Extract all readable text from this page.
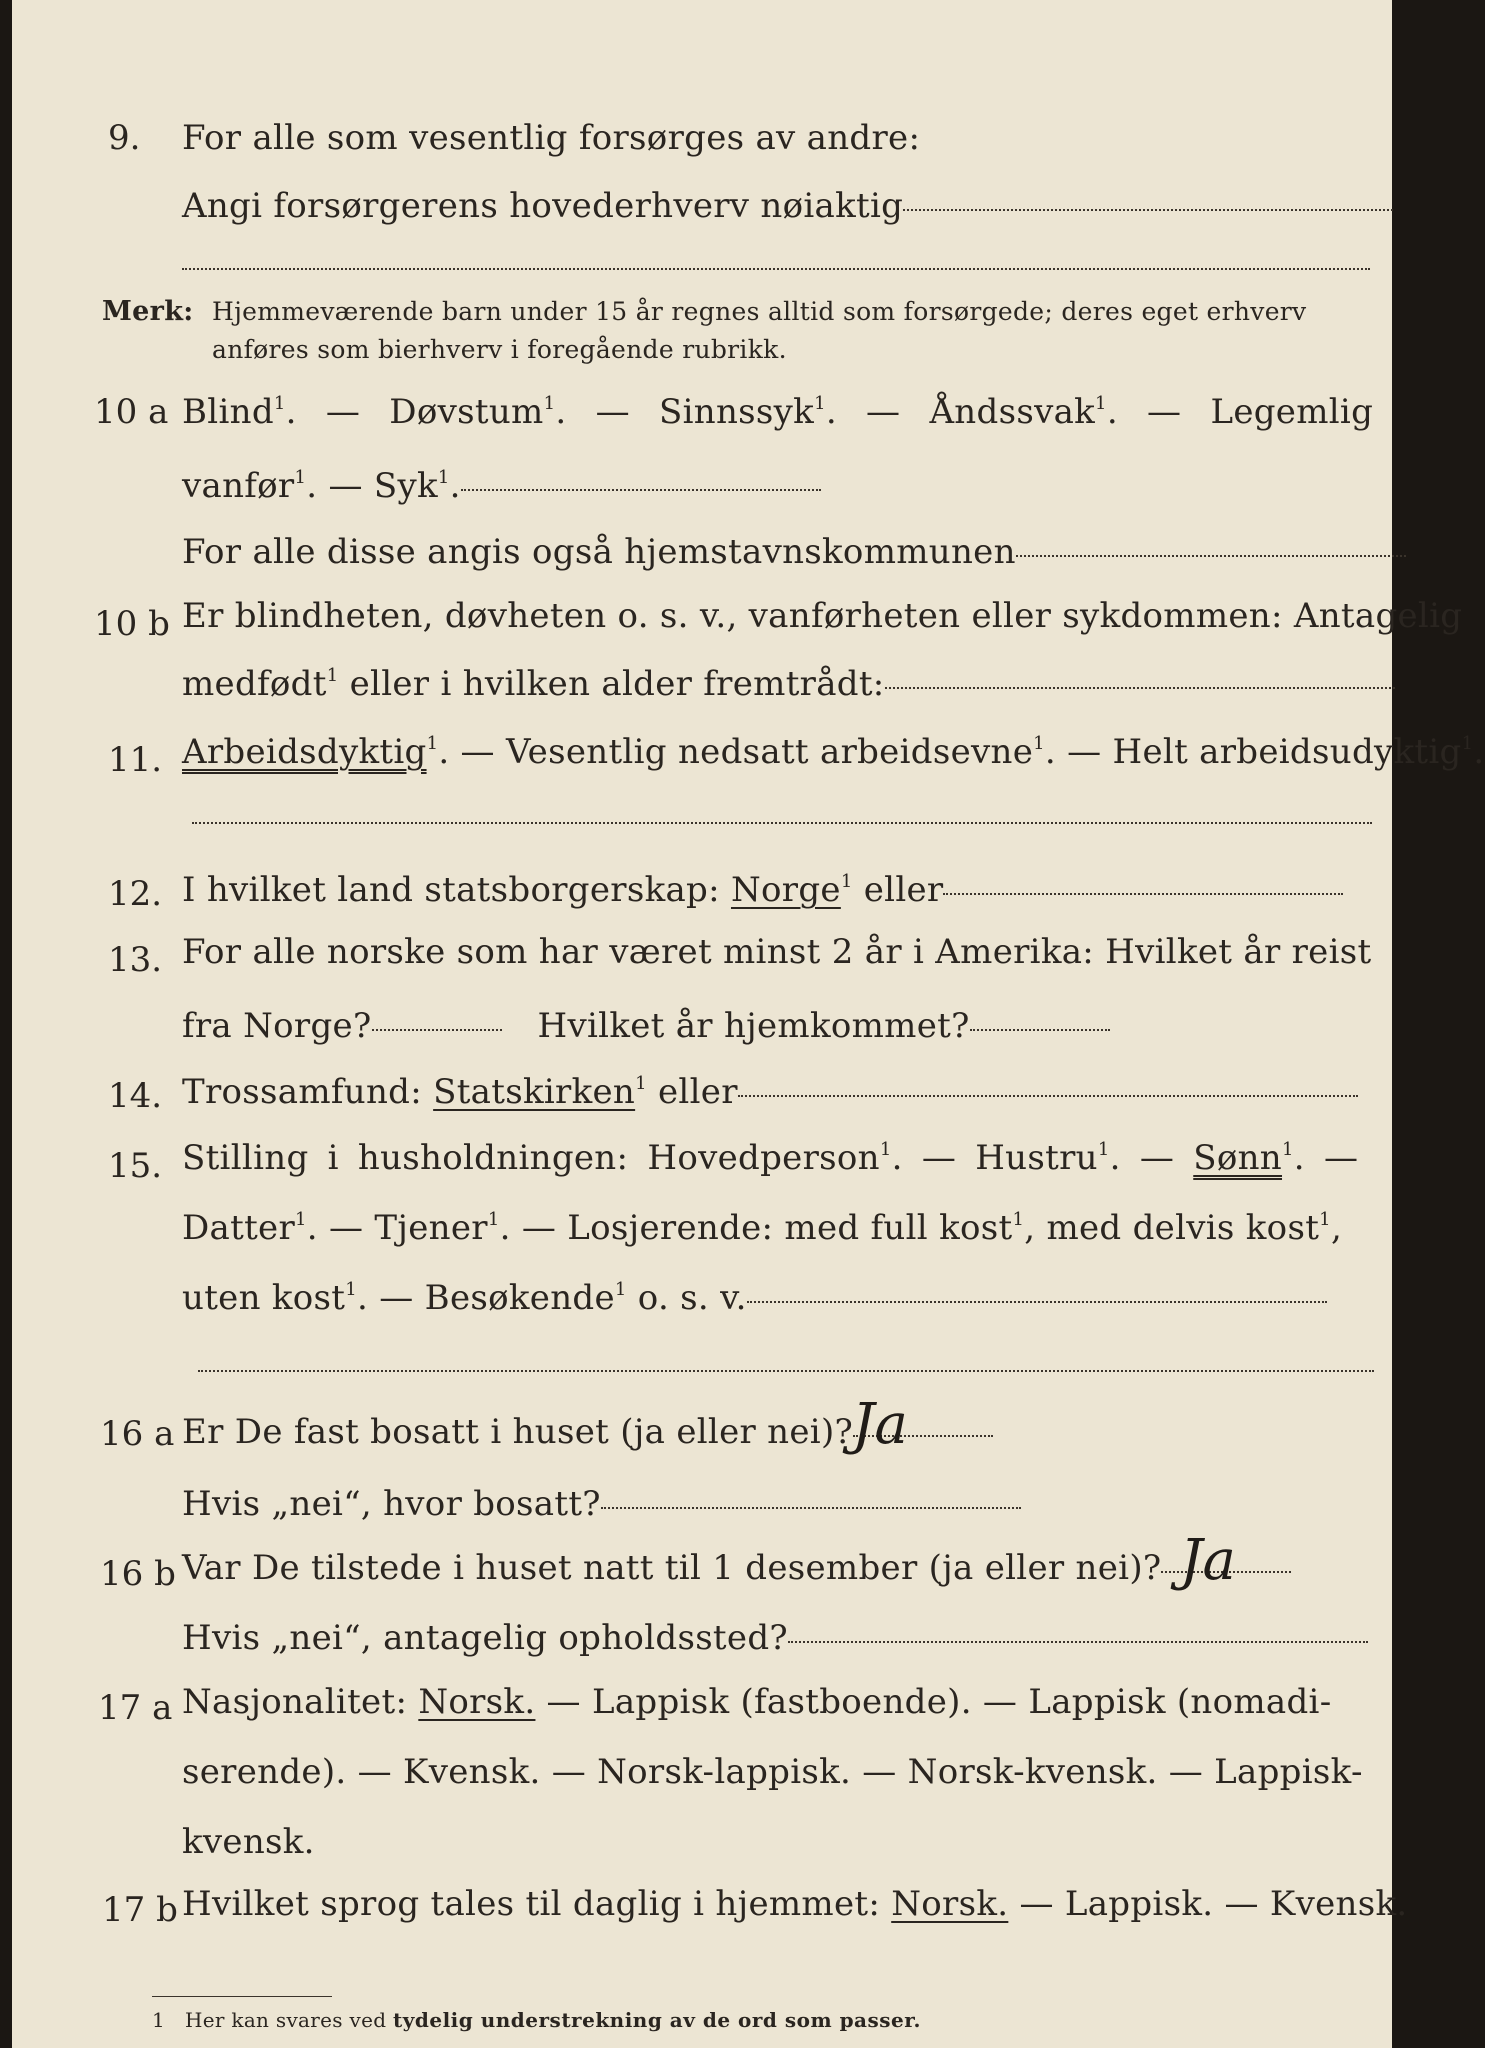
9. For alle som vesentlig forsørges av andre:
Angi forsørgerens hovederhverv nøiaktig
Merk: Hjemmeværende barn under 15 år regnes alltid som forsørgede; deres eget erhverv
anføres som bierhverv i foregående rubrikk.
10 a Blind$^1$. — Døvstum$^1$. — Sinnssyk$^1$. — Åndssvak$^1$. — Legemlig
vanfør$^1$. — Syk$^1$.
For alle disse angis også hjemstavnskommunen
10 b Er blindheten, døvheten o. s. v., vanførheten eller sykdommen: Antagelig
medfødt$^1$ eller i hvilken alder fremtrådt:
11. Arbeidsdyktig$^1$. — Vesentlig nedsatt arbeidsevne$^1$. — Helt arbeidsudyktig$^1$.
12. I hvilket land statsborgerskap: Norge$^1$ eller
13. For alle norske som har været minst 2 år i Amerika: Hvilket år reist
fra Norge?	Hvilket år hjemkommet?
14. Trossamfund: Statskirken$^1$ eller
15. Stilling i husholdningen: Hovedperson$^1$. — Hustru$^1$. — Sønn$^1$. —
Datter$^1$. — Tjener$^1$. — Losjerende: med full kost$^1$, med delvis kost$^1$,
uten kost$^1$. — Besøkende$^1$ o. s. v.
16 a Er De fast bosatt i huset (ja eller nei)?
Ja
Hvis „nei“, hvor bosatt?
16 b Var De tilstede i huset natt til 1 desember (ja eller nei)? Ja
Hvis „nei“, antagelig opholdssted?
17 a Nasjonalitet: Norsk. — Lappisk (fastboende). — Lappisk (nomadi-
serende). — Kvensk. — Norsk-lappisk. — Norsk-kvensk. — Lappisk-
kvensk.
17 b Hvilket sprog tales til daglig i hjemmet: Norsk. — Lappisk. — Kvensk.
1 Her kan svares ved tydelig understrekning av de ord som passer.
